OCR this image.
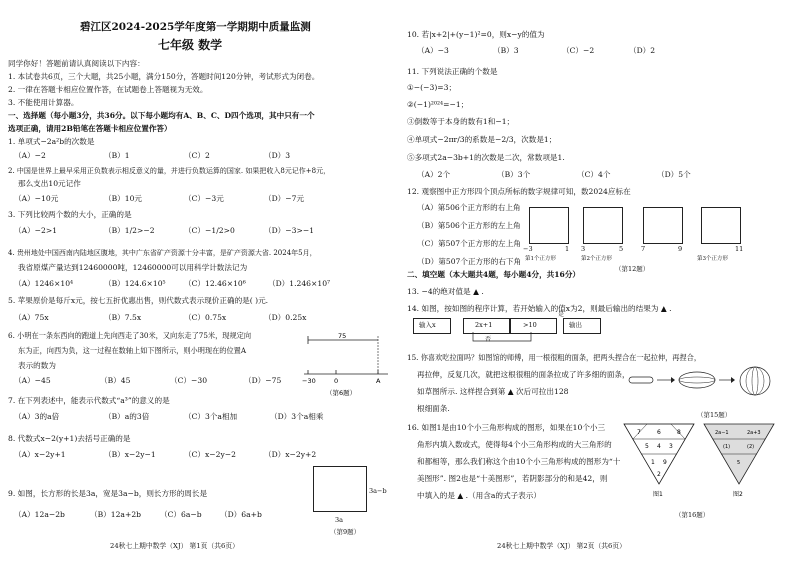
碧江区2024-2025学年度第一学期期中质量监测
七年级 数学
同学你好！答题前请认真阅读以下内容：
1. 本试卷共6页，三个大题，共25小题，满分150分，答题时间120分钟，考试形式为闭卷。
2. 一律在答题卡相应位置作答，在试题卷上答题视为无效。
3. 不能使用计算器。
一、选择题（每小题3分，共36分。以下每小题均有A、B、C、D四个选项，其中只有一个
选项正确，请用2B铅笔在答题卡相应位置作答）
1. 单项式−2a²b的次数是
（A）−2	（B）1	（C）2	（D）3
2. 中国是世界上最早采用正负数表示相反意义的量，并进行负数运算的国家. 如果把收入8元记作+8元，
那么支出10元记作
（A）−10元	（B）10元	（C）−3元	（D）−7元
3. 下列比较两个数的大小，正确的是
（A）−2>1	（B）1/2>−2	（C）−1/2>0	（D）−3>−1
4. 贵州地处中国西南内陆地区腹地，其中广东省矿产资源十分丰富，是矿产资源大省. 2024年5月，
我省原煤产量达到12460000吨，12460000可以用科学计数法记为
（A）1246×10⁴	（B）124.6×10⁵ （C）12.46×10⁶	（D）1.246×10⁷
5. 苹果原价是每斤x元，按七五折优惠出售，则代数式表示现价正确的是( )元.
（A）75x	（B）7.5x	（C）0.75x	（D）0.25x
6. 小明在一条东西向的跑道上先向西走了30米，又向东走了75米，现规定向
东为正，向西为负，这一过程在数轴上如下图所示，则小明现在的位置A
表示的数为
（A）−45	（B）45	（C）−30	（D）−75
75
−30	0	A
（第6题）
7. 在下列表述中，能表示代数式“a³”的意义的是
（A）3的a倍	（B）a的3倍	（C）3个a相加	（D）3个a相乘
8. 代数式x−2(y+1)去括号正确的是
（A）x−2y+1	（B）x−2y−1	（C）x−2y−2	（D）x−2y+2
9. 如图，长方形的长是3a，宽是3a−b，则长方形的周长是
（A）12a−2b	（B）12a+2b （C）6a−b （D）6a+b
3a−b
3a
（第9题）
24秋七上期中数学（XJ） 第1页（共6页）
10. 若|x+2|+(y−1)²=0，则x−y的值为
（A）−3	（B）3	（C）−2	（D）2
11. 下列说法正确的个数是
①−(−3)=3；
②(−1)²⁰²⁴=−1；
③倒数等于本身的数有1和−1；
④单项式−2πr/3的系数是−2/3，次数是1；
⑤多项式2a−3b+1的次数是二次，常数项是1.
（A）2个	（B）3个	（C）4个	（D）5个
12. 观察图中正方形四个顶点所标的数字规律可知，数2024应标在
（A）第506个正方形的右上角
（B）第506个正方形的左上角
（C）第507个正方形的左上角
（D）第507个正方形的右下角
−3	1 3	5	7	9	11
第1个正方形	第2个正方形	第3个正方形
（第12题）
二、填空题（本大题共4题，每小题4分，共16分）
13. −4的绝对值是 ▲ .
14. 如图，按如图的程序计算，若开始输入的值x为2，则最后输出的结果为 ▲ .
输入x	2x+1	>10	输出
是
否
15. 你喜欢吃拉面吗？如图馆的师傅，用一根很粗的面条，把两头捏合在一起拉伸，再捏合，
再拉伸，反复几次，就把这根很粗的面条拉成了许多细的面条，
如草图所示. 这样捏合到第 ▲ 次后可拉出128
根细面条.
（第15题）
16. 如图1是由10个小三角形构成的图形，如果在10个小三
角形内填入数或式，使得每4个小三角形构成的大三角形的
和都相等，那么我们称这个由10个小三角形构成的图形为“十
美图形”. 图2也是“十美图形”，若阴影部分的和是42，则
中填入的是 ▲ .（用含a的式子表示）
7	6	8
5 4 3
1 9
2
2a−1	2a+3
(1)	(2)
5
图1	图2
（第16题）
24秋七上期中数学（XJ） 第2页（共6页）
